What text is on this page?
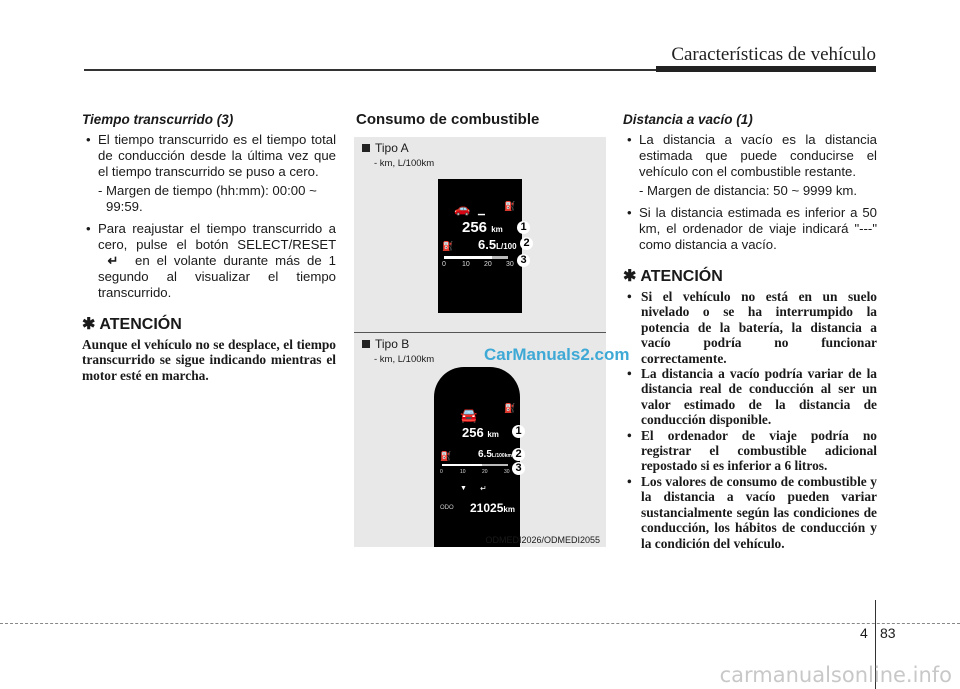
Características de vehículo
Tiempo transcurrido (3)
• El tiempo transcurrido es el tiempo total de conducción desde la última vez que el tiempo transcurrido se puso a cero.
- Margen de tiempo (hh:mm): 00:00 ~ 99:59.
• Para reajustar el tiempo transcurrido a cero, pulse el botón SELECT/RESET ↵ en el volante durante más de 1 segundo al visualizar el tiempo transcurrido.
✱ ATENCIÓN
Aunque el vehículo no se desplace, el tiempo transcurrido se sigue indicando mientras el motor esté en marcha.
Consumo de combustible
Tipo A
- km, L/100km
🚗 ▁ ⛽
256 km
⛽ 6.5L/100
0 10 20 30
1
2
3
Tipo B
- km, L/100km
🚘	⛽
256 km
⛽	6.5L/100km
0	10	20	30
▼ ↵
ODO 21025km
1
2
3
ODMEDI2026/ODMEDI2055
CarManuals2.com
Distancia a vacío (1)
• La distancia a vacío es la distancia estimada que puede conducirse el vehículo con el combustible restante.
- Margen de distancia: 50 ~ 9999 km.
• Si la distancia estimada es inferior a 50 km, el ordenador de viaje indicará "---" como distancia a vacío.
✱ ATENCIÓN
• Si el vehículo no está en un suelo nivelado o se ha interrumpido la potencia de la batería, la distancia a vacío podría no funcionar correctamente.
• La distancia a vacío podría variar de la distancia real de conducción al ser un valor estimado de la distancia de conducción disponible.
• El ordenador de viaje podría no registrar el combustible adicional repostado si es inferior a 6 litros.
• Los valores de consumo de combustible y la distancia a vacío pueden variar sustancialmente según las condiciones de conducción, los hábitos de conducción y la condición del vehículo.
4 83
carmanualsonline.info
